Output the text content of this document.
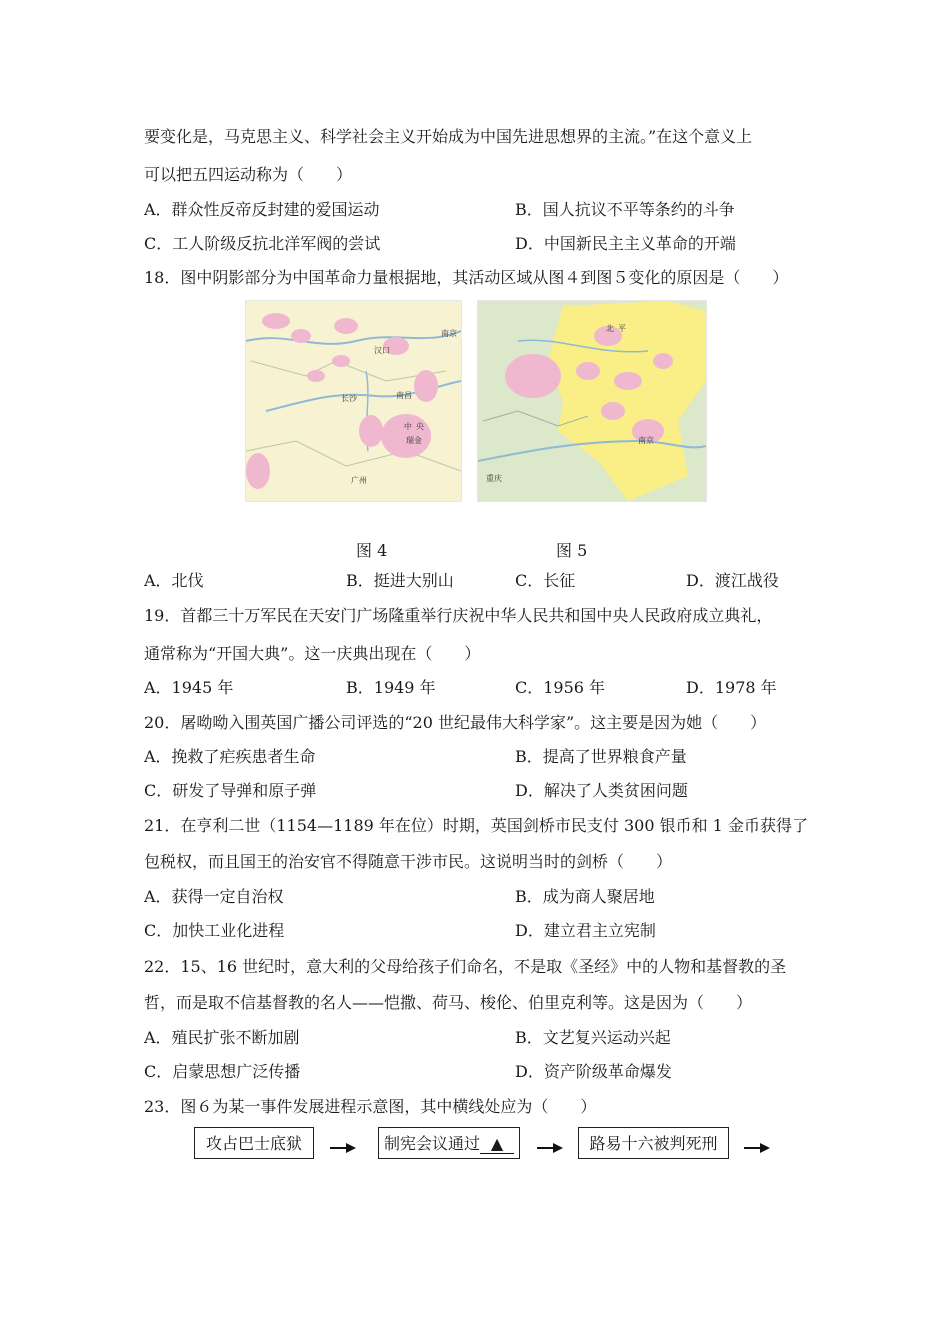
要变化是，马克思主义、科学社会主义开始成为中国先进思想界的主流。”在这个意义上
可以把五四运动称为（　　）
A．群众性反帝反封建的爱国运动	B．国人抗议不平等条约的斗争
C．工人阶级反抗北洋军阀的尝试	D．中国新民主主义革命的开端
18．图中阴影部分为中国革命力量根据地，其活动区域从图４到图５变化的原因是（　　）
南京
汉口
长沙	南昌
中 央
瑞金
广州
北 平
南京
重庆
图 4	图 5
A．北伐	B．挺进大别山	C．长征	D．渡江战役
19．首都三十万军民在天安门广场隆重举行庆祝中华人民共和国中央人民政府成立典礼，
通常称为“开国大典”。这一庆典出现在（　　）
A．1945 年	B．1949 年	C．1956 年	D．1978 年
20．屠呦呦入围英国广播公司评选的“20 世纪最伟大科学家”。这主要是因为她（　　）
A．挽救了疟疾患者生命	B．提高了世界粮食产量
C．研发了导弹和原子弹	D．解决了人类贫困问题
21．在亨利二世（1154—1189 年在位）时期，英国剑桥市民支付 300 银币和 1 金币获得了
包税权，而且国王的治安官不得随意干涉市民。这说明当时的剑桥（　　）
A．获得一定自治权	B．成为商人聚居地
C．加快工业化进程	D．建立君主立宪制
22．15、16 世纪时，意大利的父母给孩子们命名，不是取《圣经》中的人物和基督教的圣
哲，而是取不信基督教的名人——恺撒、荷马、梭伦、伯里克利等。这是因为（　　）
A．殖民扩张不断加剧	B．文艺复兴运动兴起
C．启蒙思想广泛传播	D．资产阶级革命爆发
23．图６为某一事件发展进程示意图，其中横线处应为（　　）
攻占巴士底狱	制宪会议通过 ▲	路易十六被判死刑
